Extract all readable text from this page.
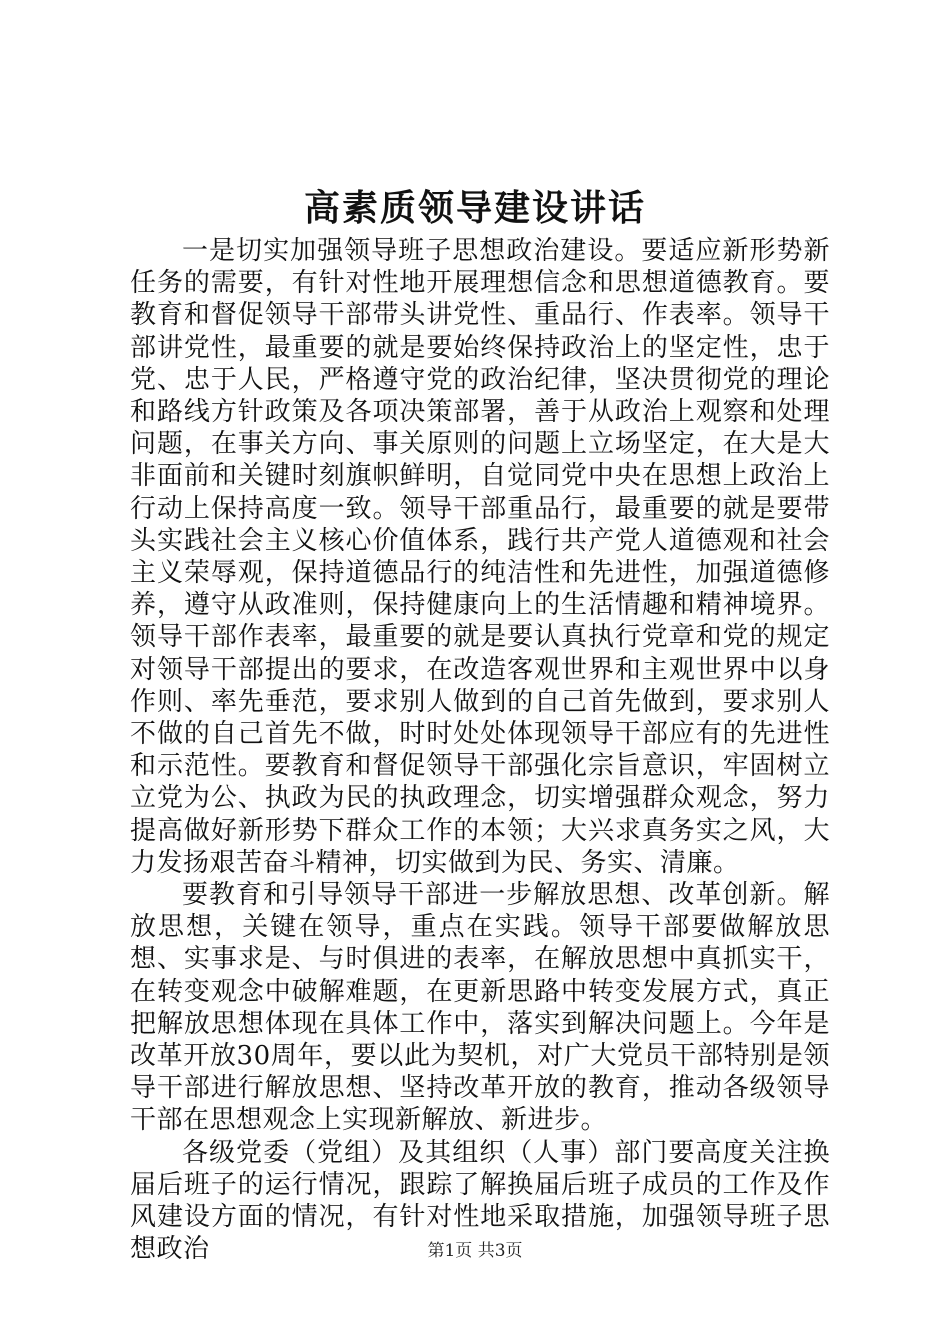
高素质领导建设讲话

一是切实加强领导班子思想政治建设。要适应新形势新任务的需要，有针对性地开展理想信念和思想道德教育。要教育和督促领导干部带头讲党性、重品行、作表率。领导干部讲党性，最重要的就是要始终保持政治上的坚定性，忠于党、忠于人民，严格遵守党的政治纪律，坚决贯彻党的理论和路线方针政策及各项决策部署，善于从政治上观察和处理问题，在事关方向、事关原则的问题上立场坚定，在大是大非面前和关键时刻旗帜鲜明，自觉同党中央在思想上政治上行动上保持高度一致。领导干部重品行，最重要的就是要带头实践社会主义核心价值体系，践行共产党人道德观和社会主义荣辱观，保持道德品行的纯洁性和先进性，加强道德修养，遵守从政准则，保持健康向上的生活情趣和精神境界。领导干部作表率，最重要的就是要认真执行党章和党的规定对领导干部提出的要求，在改造客观世界和主观世界中以身作则、率先垂范，要求别人做到的自己首先做到，要求别人不做的自己首先不做，时时处处体现领导干部应有的先进性和示范性。要教育和督促领导干部强化宗旨意识，牢固树立立党为公、执政为民的执政理念，切实增强群众观念，努力提高做好新形势下群众工作的本领；大兴求真务实之风，大力发扬艰苦奋斗精神，切实做到为民、务实、清廉。

要教育和引导领导干部进一步解放思想、改革创新。解放思想，关键在领导，重点在实践。领导干部要做解放思想、实事求是、与时俱进的表率，在解放思想中真抓实干，在转变观念中破解难题，在更新思路中转变发展方式，真正把解放思想体现在具体工作中，落实到解决问题上。今年是改革开放30周年，要以此为契机，对广大党员干部特别是领导干部进行解放思想、坚持改革开放的教育，推动各级领导干部在思想观念上实现新解放、新进步。

各级党委（党组）及其组织（人事）部门要高度关注换届后班子的运行情况，跟踪了解换届后班子成员的工作及作风建设方面的情况，有针对性地采取措施，加强领导班子思想政治	第1页 共3页
